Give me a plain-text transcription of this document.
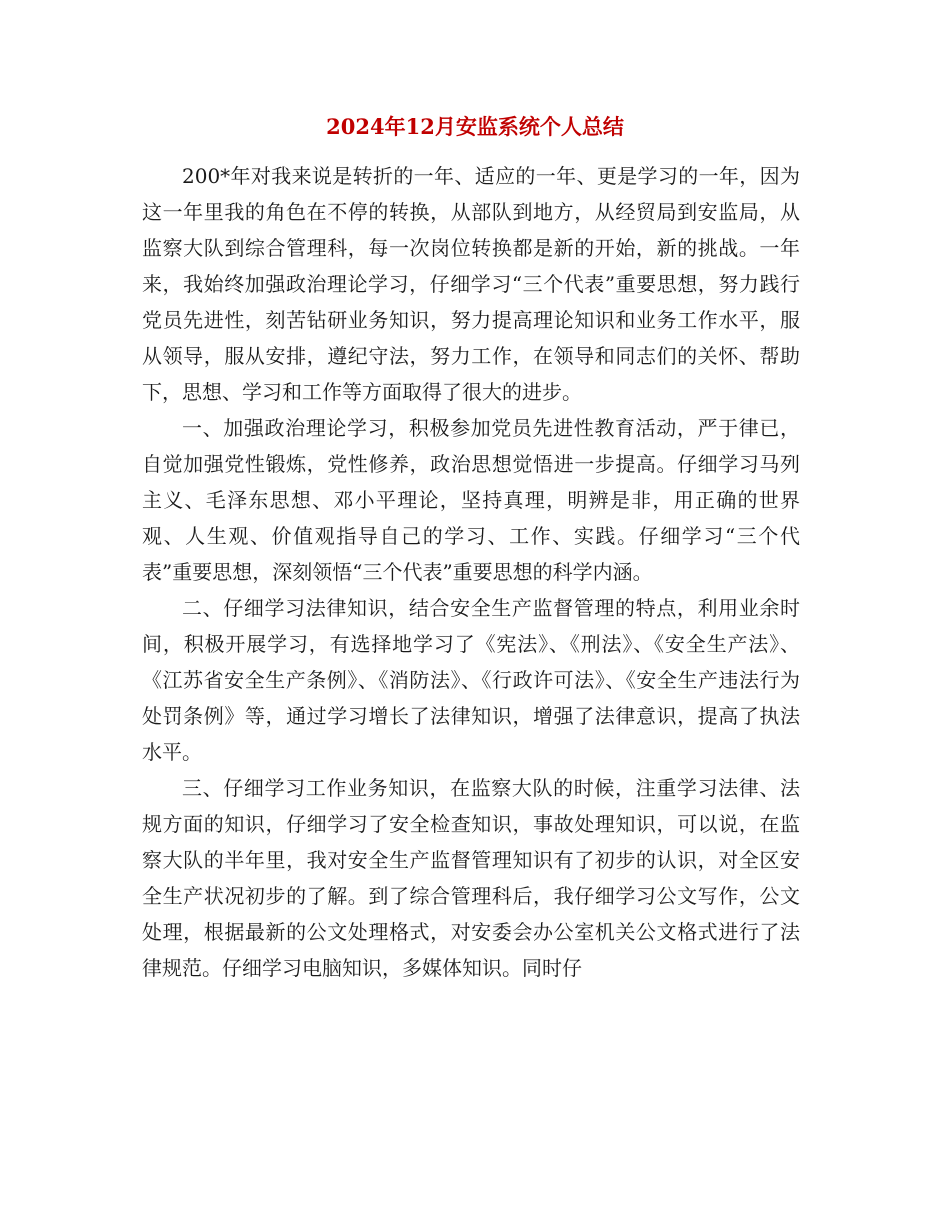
2024年12月安监系统个人总结

200*年对我来说是转折的一年、适应的一年、更是学习的一年，因为这一年里我的角色在不停的转换，从部队到地方，从经贸局到安监局，从监察大队到综合管理科，每一次岗位转换都是新的开始，新的挑战。一年来，我始终加强政治理论学习，仔细学习“三个代表”重要思想，努力践行党员先进性，刻苦钻研业务知识，努力提高理论知识和业务工作水平，服从领导，服从安排，遵纪守法，努力工作，在领导和同志们的关怀、帮助下，思想、学习和工作等方面取得了很大的进步。

一、加强政治理论学习，积极参加党员先进性教育活动，严于律已，自觉加强党性锻炼，党性修养，政治思想觉悟进一步提高。仔细学习马列主义、毛泽东思想、邓小平理论，坚持真理，明辨是非，用正确的世界观、人生观、价值观指导自己的学习、工作、实践。仔细学习“三个代表”重要思想，深刻领悟“三个代表”重要思想的科学内涵。

二、仔细学习法律知识，结合安全生产监督管理的特点，利用业余时间，积极开展学习，有选择地学习了《宪法》、《刑法》、《安全生产法》、《江苏省安全生产条例》、《消防法》、《行政许可法》、《安全生产违法行为处罚条例》等，通过学习增长了法律知识，增强了法律意识，提高了执法水平。

三、仔细学习工作业务知识，在监察大队的时候，注重学习法律、法规方面的知识，仔细学习了安全检查知识，事故处理知识，可以说，在监察大队的半年里，我对安全生产监督管理知识有了初步的认识，对全区安全生产状况初步的了解。到了综合管理科后，我仔细学习公文写作，公文处理，根据最新的公文处理格式，对安委会办公室机关公文格式进行了法律规范。仔细学习电脑知识，多媒体知识。同时仔
